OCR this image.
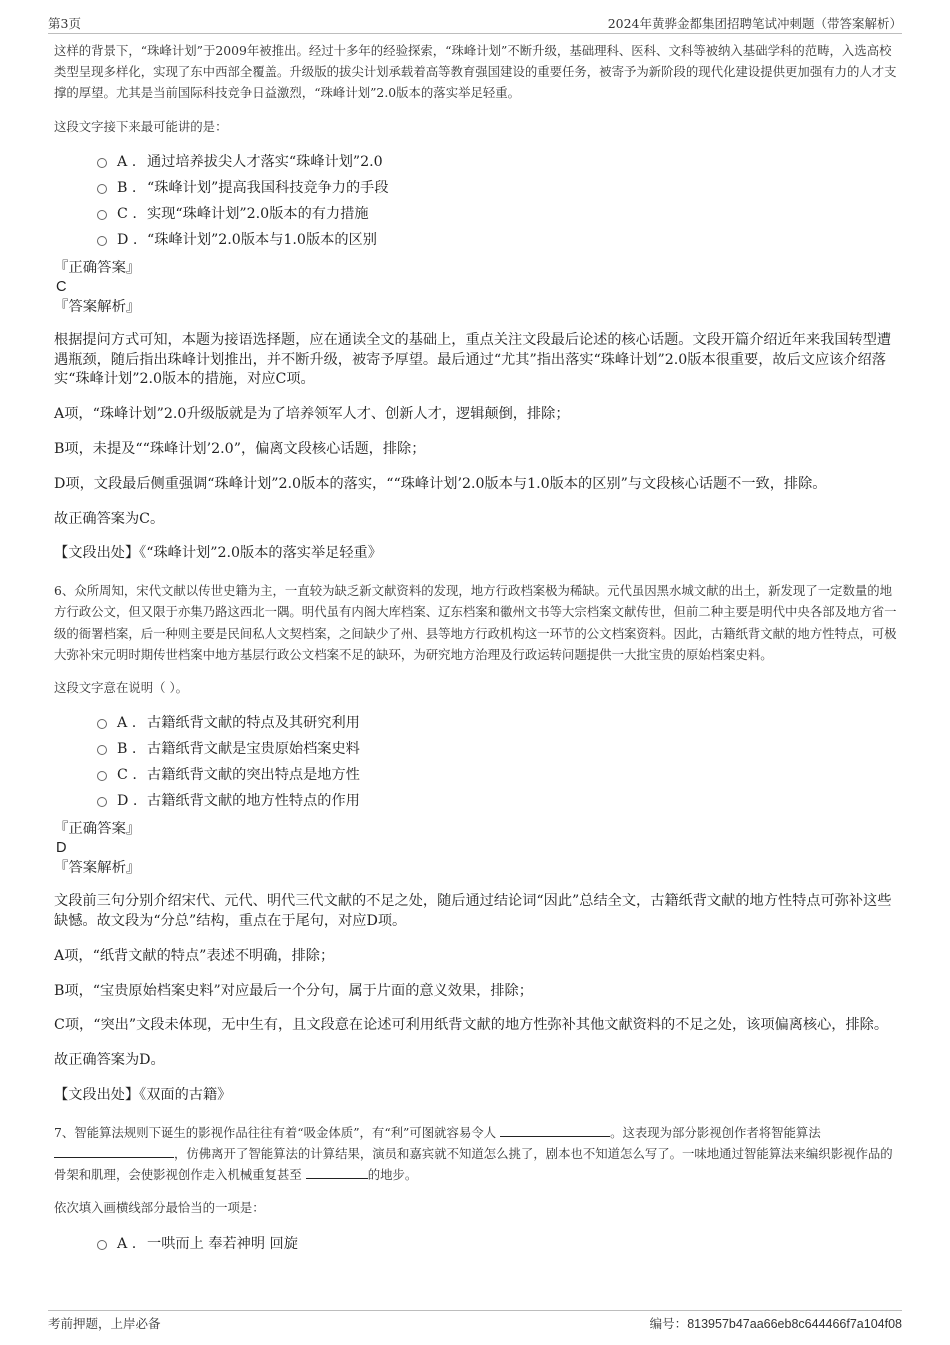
第3页	2024年黄骅金都集团招聘笔试冲刺题（带答案解析）

这样的背景下，“珠峰计划”于2009年被推出。经过十多年的经验探索，“珠峰计划”不断升级，基础理科、医科、文科等被纳入基础学科的范畴，入选高校类型呈现多样化，实现了东中西部全覆盖。升级版的拔尖计划承载着高等教育强国建设的重要任务，被寄予为新阶段的现代化建设提供更加强有力的人才支撑的厚望。尤其是当前国际科技竞争日益激烈，“珠峰计划”2.0版本的落实举足轻重。

这段文字接下来最可能讲的是：

A . 通过培养拔尖人才落实“珠峰计划”2.0
B . “珠峰计划”提高我国科技竞争力的手段
C . 实现“珠峰计划”2.0版本的有力措施
D . “珠峰计划”2.0版本与1.0版本的区别

『正确答案』

C

『答案解析』

根据提问方式可知，本题为接语选择题，应在通读全文的基础上，重点关注文段最后论述的核心话题。文段开篇介绍近年来我国转型遭遇瓶颈，随后指出珠峰计划推出，并不断升级，被寄予厚望。最后通过“尤其”指出落实“珠峰计划”2.0版本很重要，故后文应该介绍落实“珠峰计划”2.0版本的措施，对应C项。

A项，“珠峰计划”2.0升级版就是为了培养领军人才、创新人才，逻辑颠倒，排除；

B项，未提及““珠峰计划’2.0”，偏离文段核心话题，排除；

D项，文段最后侧重强调“珠峰计划”2.0版本的落实，““珠峰计划’2.0版本与1.0版本的区别”与文段核心话题不一致，排除。

故正确答案为C。

【文段出处】《“珠峰计划”2.0版本的落实举足轻重》

6、众所周知，宋代文献以传世史籍为主，一直较为缺乏新文献资料的发现，地方行政档案极为稀缺。元代虽因黑水城文献的出土，新发现了一定数量的地方行政公文，但又限于亦集乃路这西北一隅。明代虽有内阁大库档案、辽东档案和徽州文书等大宗档案文献传世，但前二种主要是明代中央各部及地方省一级的衙署档案，后一种则主要是民间私人文契档案，之间缺少了州、县等地方行政机构这一环节的公文档案资料。因此，古籍纸背文献的地方性特点，可极大弥补宋元明时期传世档案中地方基层行政公文档案不足的缺环，为研究地方治理及行政运转问题提供一大批宝贵的原始档案史料。

这段文字意在说明（ ）。

A . 古籍纸背文献的特点及其研究利用
B . 古籍纸背文献是宝贵原始档案史料
C . 古籍纸背文献的突出特点是地方性
D . 古籍纸背文献的地方性特点的作用

『正确答案』

D

『答案解析』

文段前三句分别介绍宋代、元代、明代三代文献的不足之处，随后通过结论词“因此”总结全文，古籍纸背文献的地方性特点可弥补这些缺憾。故文段为“分总”结构，重点在于尾句，对应D项。

A项，“纸背文献的特点”表述不明确，排除；

B项，“宝贵原始档案史料”对应最后一个分句，属于片面的意义效果，排除；

C项，“突出”文段未体现，无中生有，且文段意在论述可利用纸背文献的地方性弥补其他文献资料的不足之处，该项偏离核心，排除。

故正确答案为D。

【文段出处】《双面的古籍》

7、智能算法规则下诞生的影视作品往往有着“吸金体质”，有“利”可图就容易令人	。这表现为部分影视创作者将智能算法 ，仿佛离开了智能算法的计算结果，演员和嘉宾就不知道怎么挑了，剧本也不知道怎么写了。一味地通过智能算法来编织影视作品的骨架和肌理，会使影视创作走入机械重复甚至	的地步。

依次填入画横线部分最恰当的一项是：

A . 一哄而上 奉若神明 回旋
考前押题，上岸必备	编号：813957b47aa66eb8c644466f7a104f08
